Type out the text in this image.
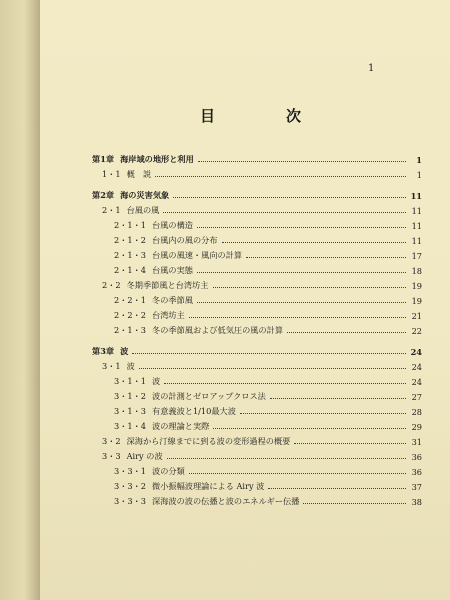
1
目　次
第1章 海岸域の地形と利用	1
1・1 概　説	1
第2章 海の災害気象	11
2・1 台風の風	11
2・1・1 台風の構造	11
2・1・2 台風内の風の分布	11
2・1・3 台風の風速・風向の計算	17
2・1・4 台風の実態	18
2・2 冬期季節風と台湾坊主	19
2・2・1 冬の季節風	19
2・2・2 台湾坊主	21
2・1・3 冬の季節風および低気圧の風の計算	22
第3章 波	24
3・1 波	24
3・1・1 波	24
3・1・2 波の計測とゼロアップクロス法	27
3・1・3 有意義波と1/10最大波	28
3・1・4 波の理論と実際	29
3・2 深海から汀線までに到る波の変形過程の概要	31
3・3 Airy の波	36
3・3・1 波の分類	36
3・3・2 微小振幅波理論による Airy 波	37
3・3・3 深海波の波の伝播と波のエネルギー伝播	38
